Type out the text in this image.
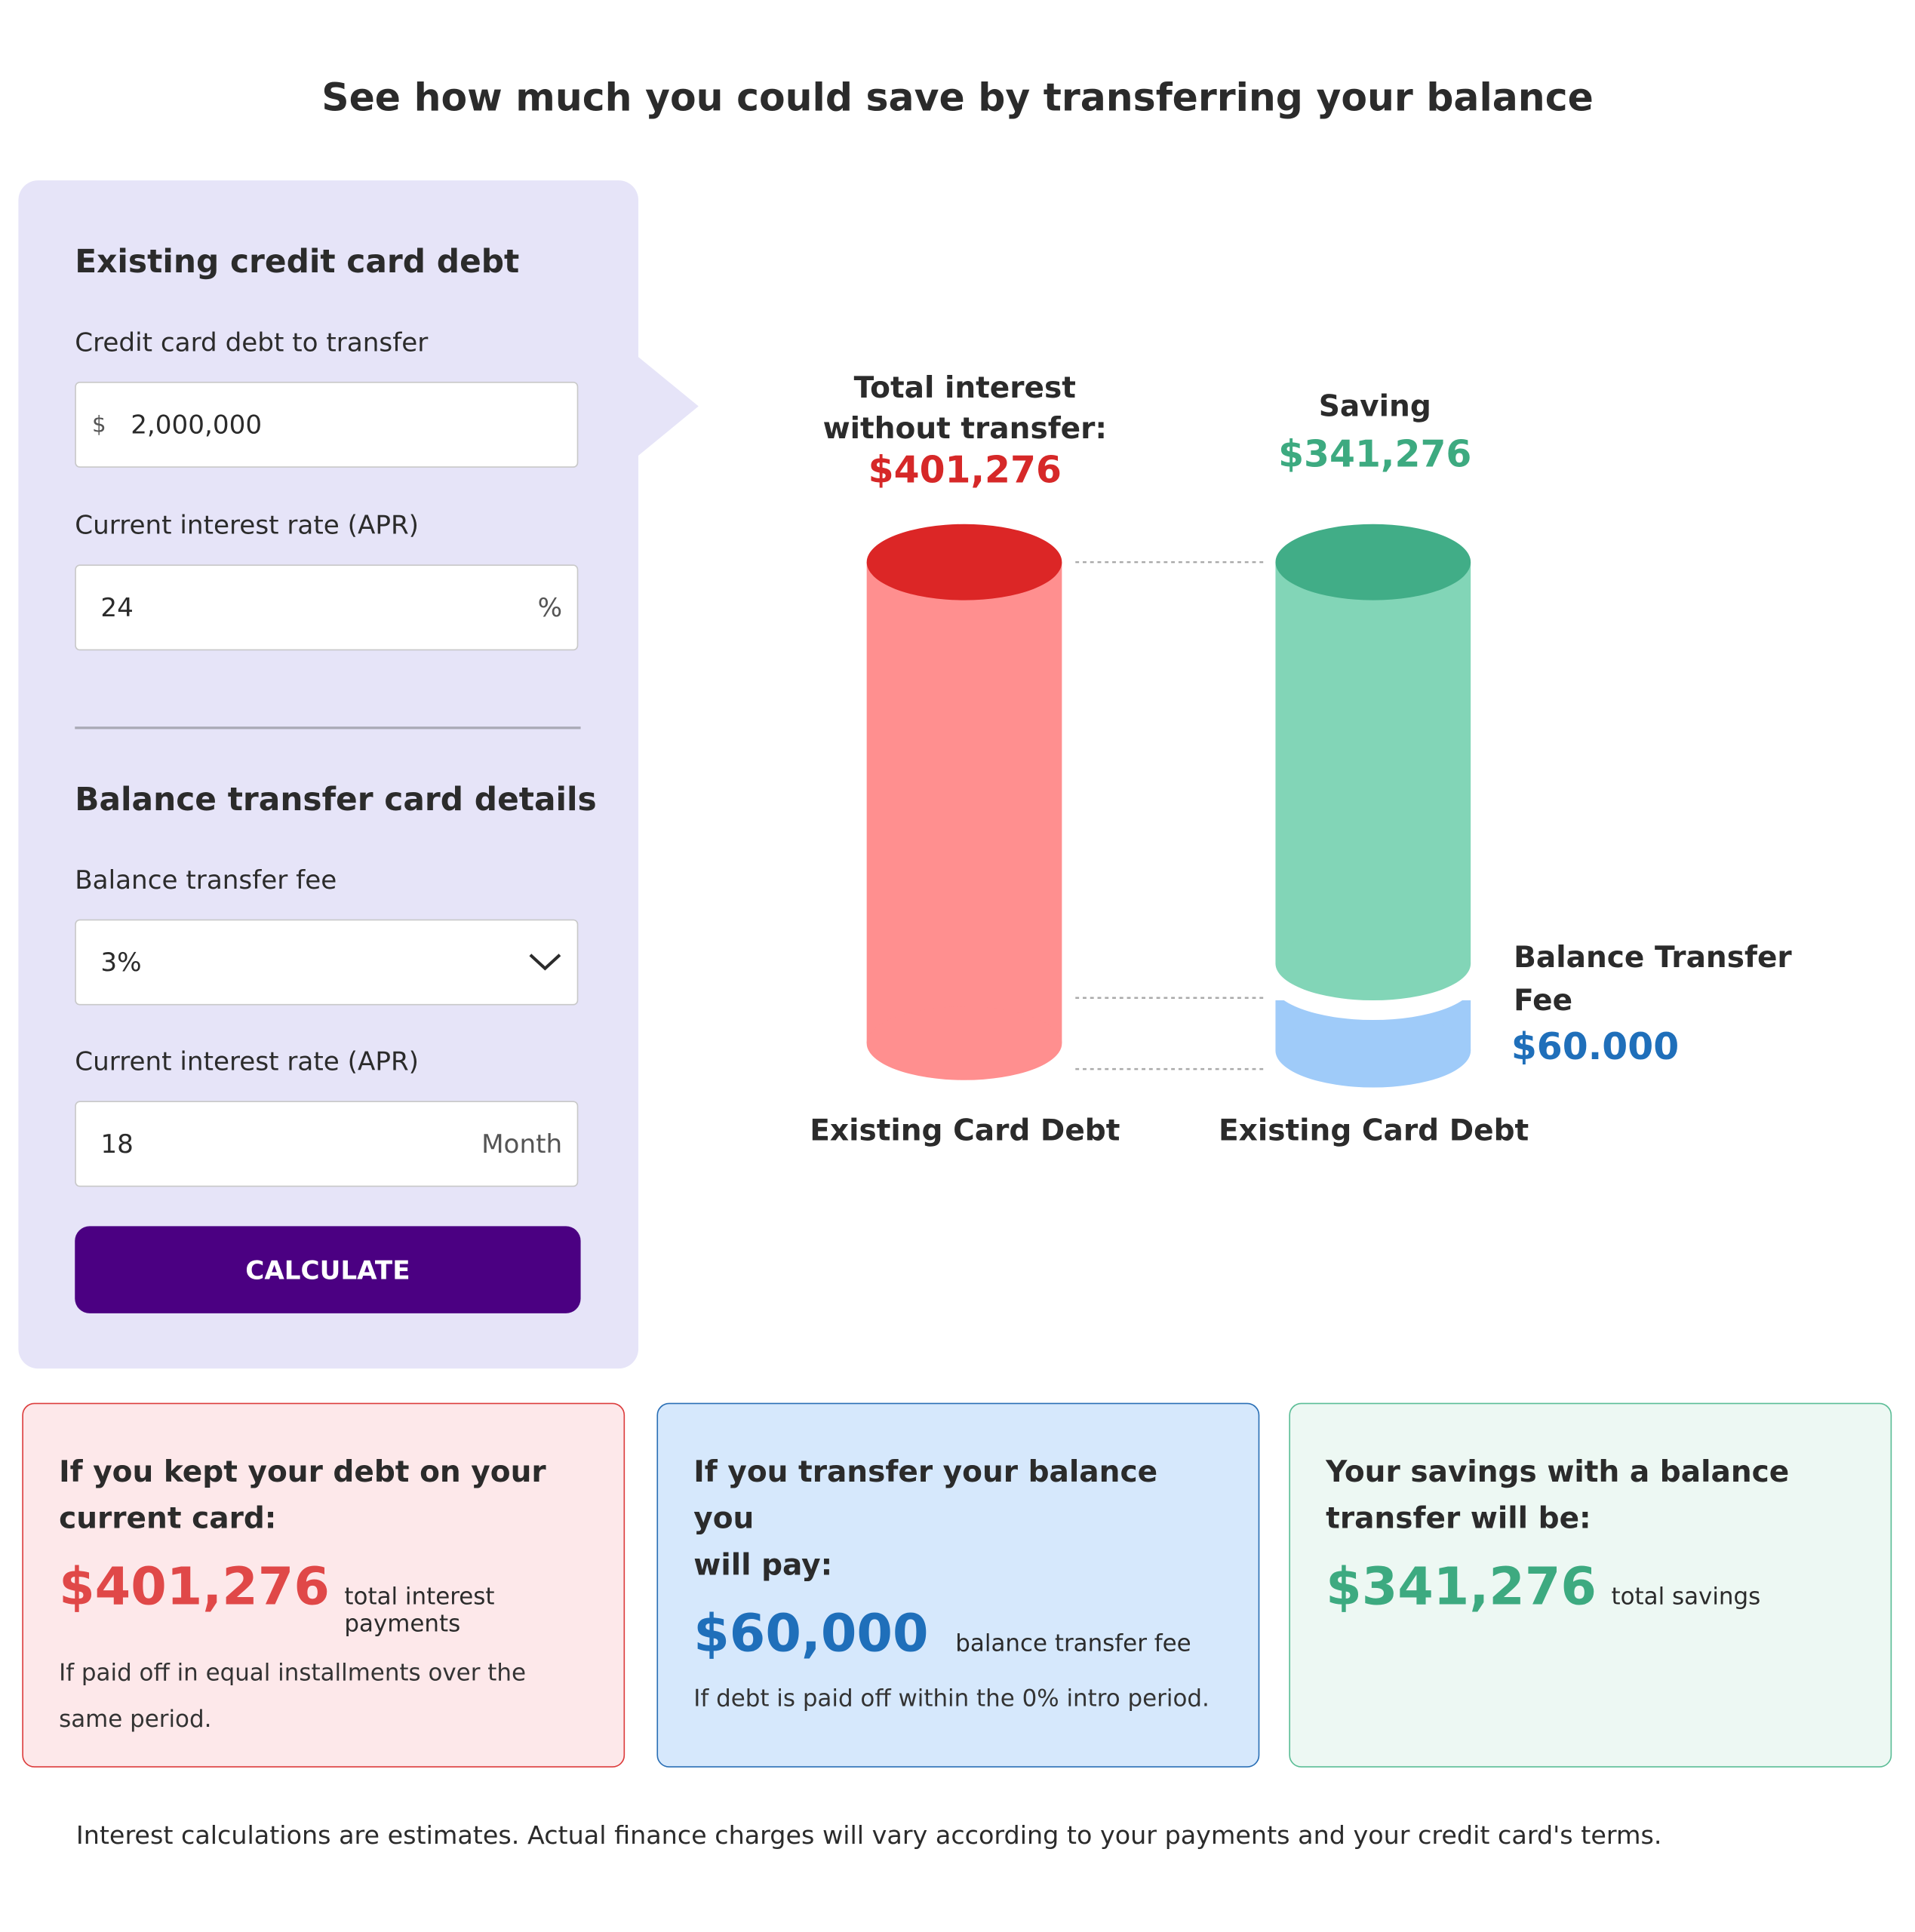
See how much you could save by transferring your balance
Existing credit card debt
Credit card debt to transfer
$ 2,000,000
Current interest rate (APR)
24	%
Balance transfer card details
Balance transfer fee
3%
Current interest rate (APR)
18	Month
CALCULATE
Total interest
without transfer:
$401,276
Saving
$341,276
Balance Transfer
Fee
$60.000
Existing Card Debt	Existing Card Debt
If you kept your debt on your
current card:
$401,276 total interest payments
If paid off in equal installments over the
same period.
If you transfer your balance you
will pay:
$60,000 balance transfer fee
If debt is paid off within the 0% intro period.
Your savings with a balance
transfer will be:
$341,276 total savings
Interest calculations are estimates. Actual finance charges will vary according to your payments and your credit card's terms.
